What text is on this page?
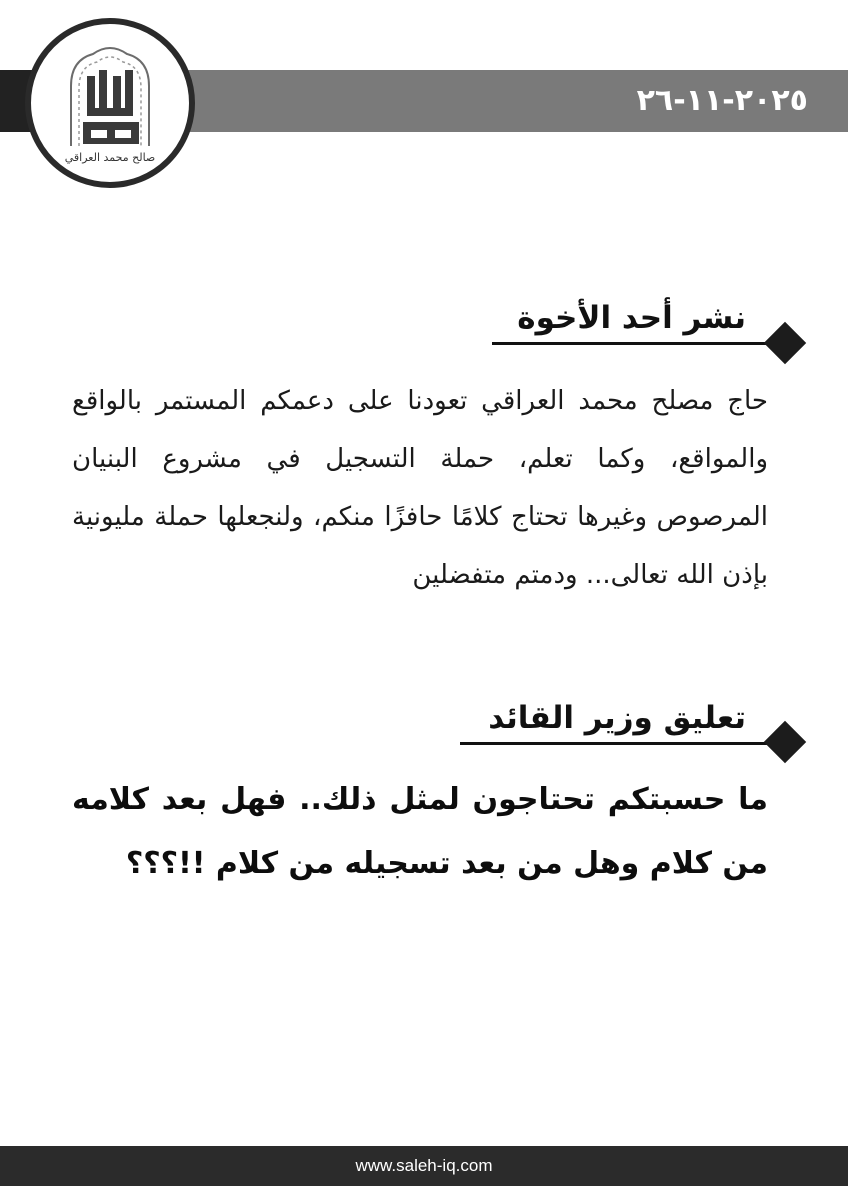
٢٠٢٥-١١-٢٦
صالح محمد العراقي
نشر أحد الأخوة
حاج مصلح محمد العراقي تعودنا على دعمكم المستمر بالواقع والمواقع، وكما تعلم، حملة التسجيل في مشروع البنيان المرصوص وغيرها تحتاج كلامًا حافزًا منكم، ولنجعلها حملة مليونية بإذن الله تعالى... ودمتم متفضلين
تعليق وزير القائد
ما حسبتكم تحتاجون لمثل ذلك.. فهل بعد كلامه من كلام وهل من بعد تسجيله من كلام !!؟؟؟
www.saleh-iq.com
